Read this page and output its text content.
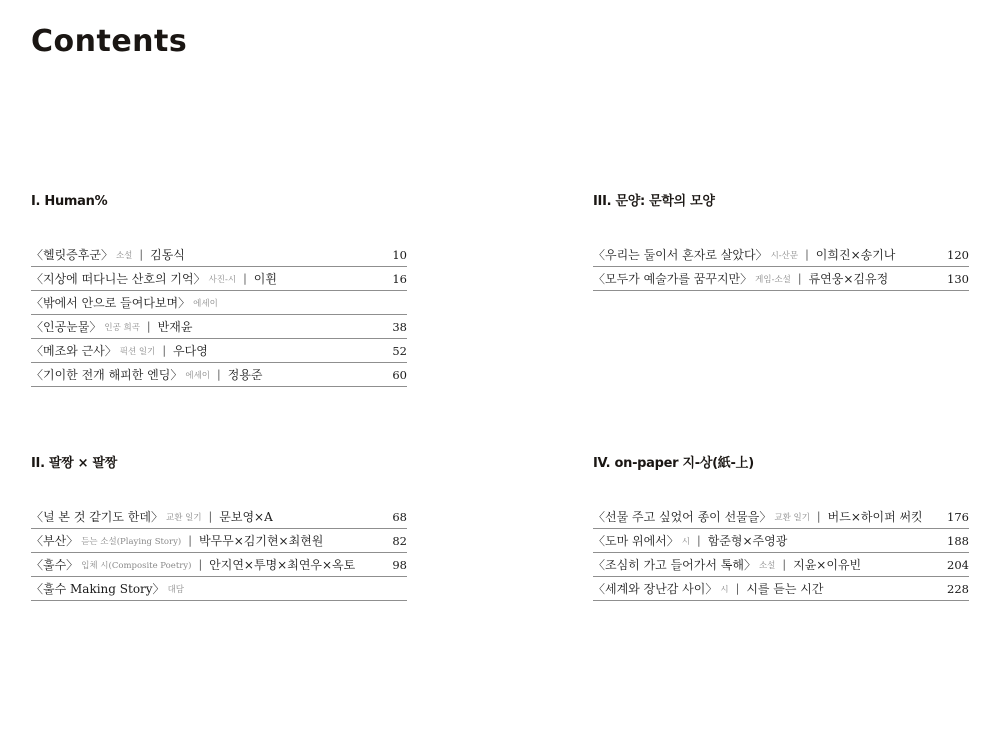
Contents
I. Human%
〈헬릿증후군〉 소설 | 김동식	10
〈지상에 떠다니는 산호의 기억〉 사진-시 | 이휜	16
〈밖에서 안으로 들여다보며〉 에세이
〈인공눈물〉 인공 희곡 | 반재윤	38
〈메조와 근사〉 픽션 일기 | 우다영	52
〈기이한 전개 해피한 엔딩〉 에세이 | 정용준	60
II. 팔짱 × 팔짱
〈널 본 것 같기도 한데〉 교환 일기 | 문보영×A	68
〈부산〉 듣는 소설(Playing Story) | 박무무×김기현×최현원	82
〈훌수〉 입체 시(Composite Poetry) | 안지연×투명×최연우×옥토	98
〈훌수 Making Story〉 대담
III. 문양: 문학의 모양
〈우리는 둘이서 혼자로 살았다〉 시-산문 | 이희진×송기나	120
〈모두가 예술가를 꿈꾸지만〉 게임-소설 | 류연웅×김유정	130
IV. on-paper 지-상(紙-上)
〈선물 주고 싶었어 종이 선물을〉 교환 일기 | 버드×하이퍼 써킷 176
〈도마 위에서〉 시 | 함준형×주영광	188
〈조심히 가고 들어가서 톡해〉 소설 | 지윤×이유빈	204
〈세계와 장난감 사이〉 시 | 시를 듣는 시간	228
